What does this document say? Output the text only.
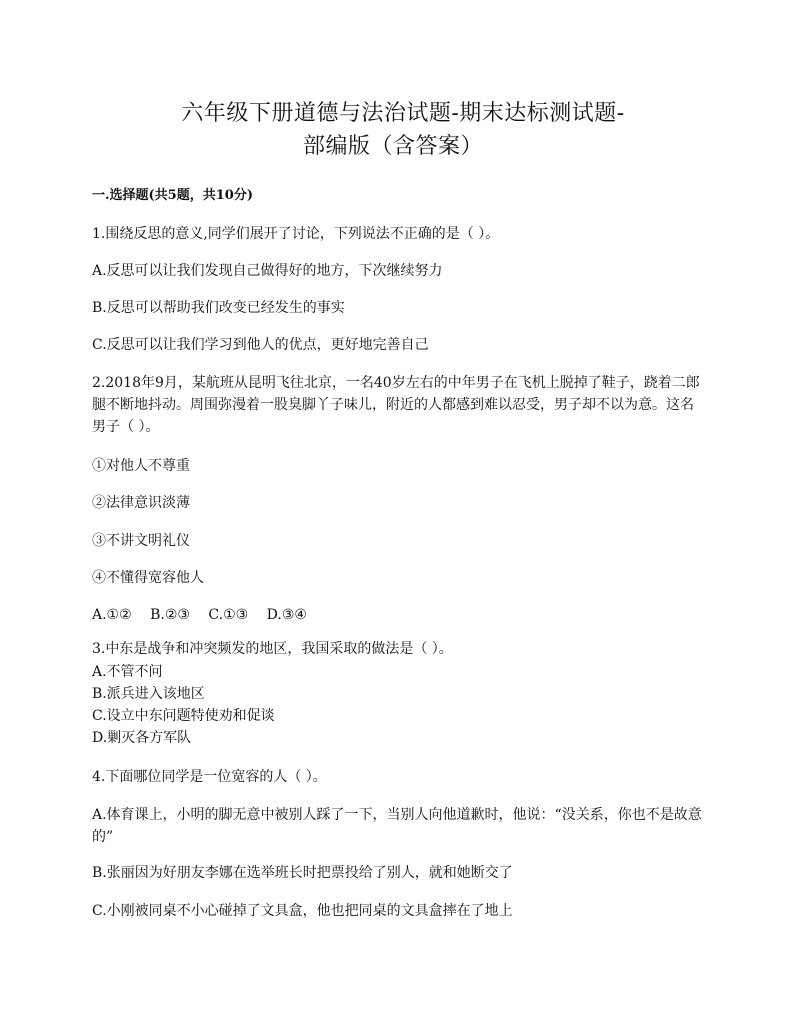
六年级下册道德与法治试题-期末达标测试题-
部编版（含答案）

一.选择题(共5题，共10分)

1.围绕反思的意义,同学们展开了讨论，下列说法不正确的是（ ）。

A.反思可以让我们发现自己做得好的地方，下次继续努力

B.反思可以帮助我们改变已经发生的事实

C.反思可以让我们学习到他人的优点，更好地完善自己

2.2018年9月，某航班从昆明飞往北京，一名40岁左右的中年男子在飞机上脱掉了鞋子，跷着二郎腿不断地抖动。周围弥漫着一股臭脚丫子味儿，附近的人都感到难以忍受，男子却不以为意。这名男子（ ）。

①对他人不尊重

②法律意识淡薄

③不讲文明礼仪

④不懂得宽容他人

A.①② B.②③ C.①③ D.③④

3.中东是战争和冲突频发的地区，我国采取的做法是（ ）。

A.不管不问

B.派兵进入该地区

C.设立中东问题特使劝和促谈

D.剿灭各方军队

4.下面哪位同学是一位宽容的人（ ）。

A.体育课上，小明的脚无意中被别人踩了一下，当别人向他道歉时，他说：“没关系，你也不是故意的”

B.张丽因为好朋友李娜在选举班长时把票投给了别人，就和她断交了

C.小刚被同桌不小心碰掉了文具盒，他也把同桌的文具盒摔在了地上
